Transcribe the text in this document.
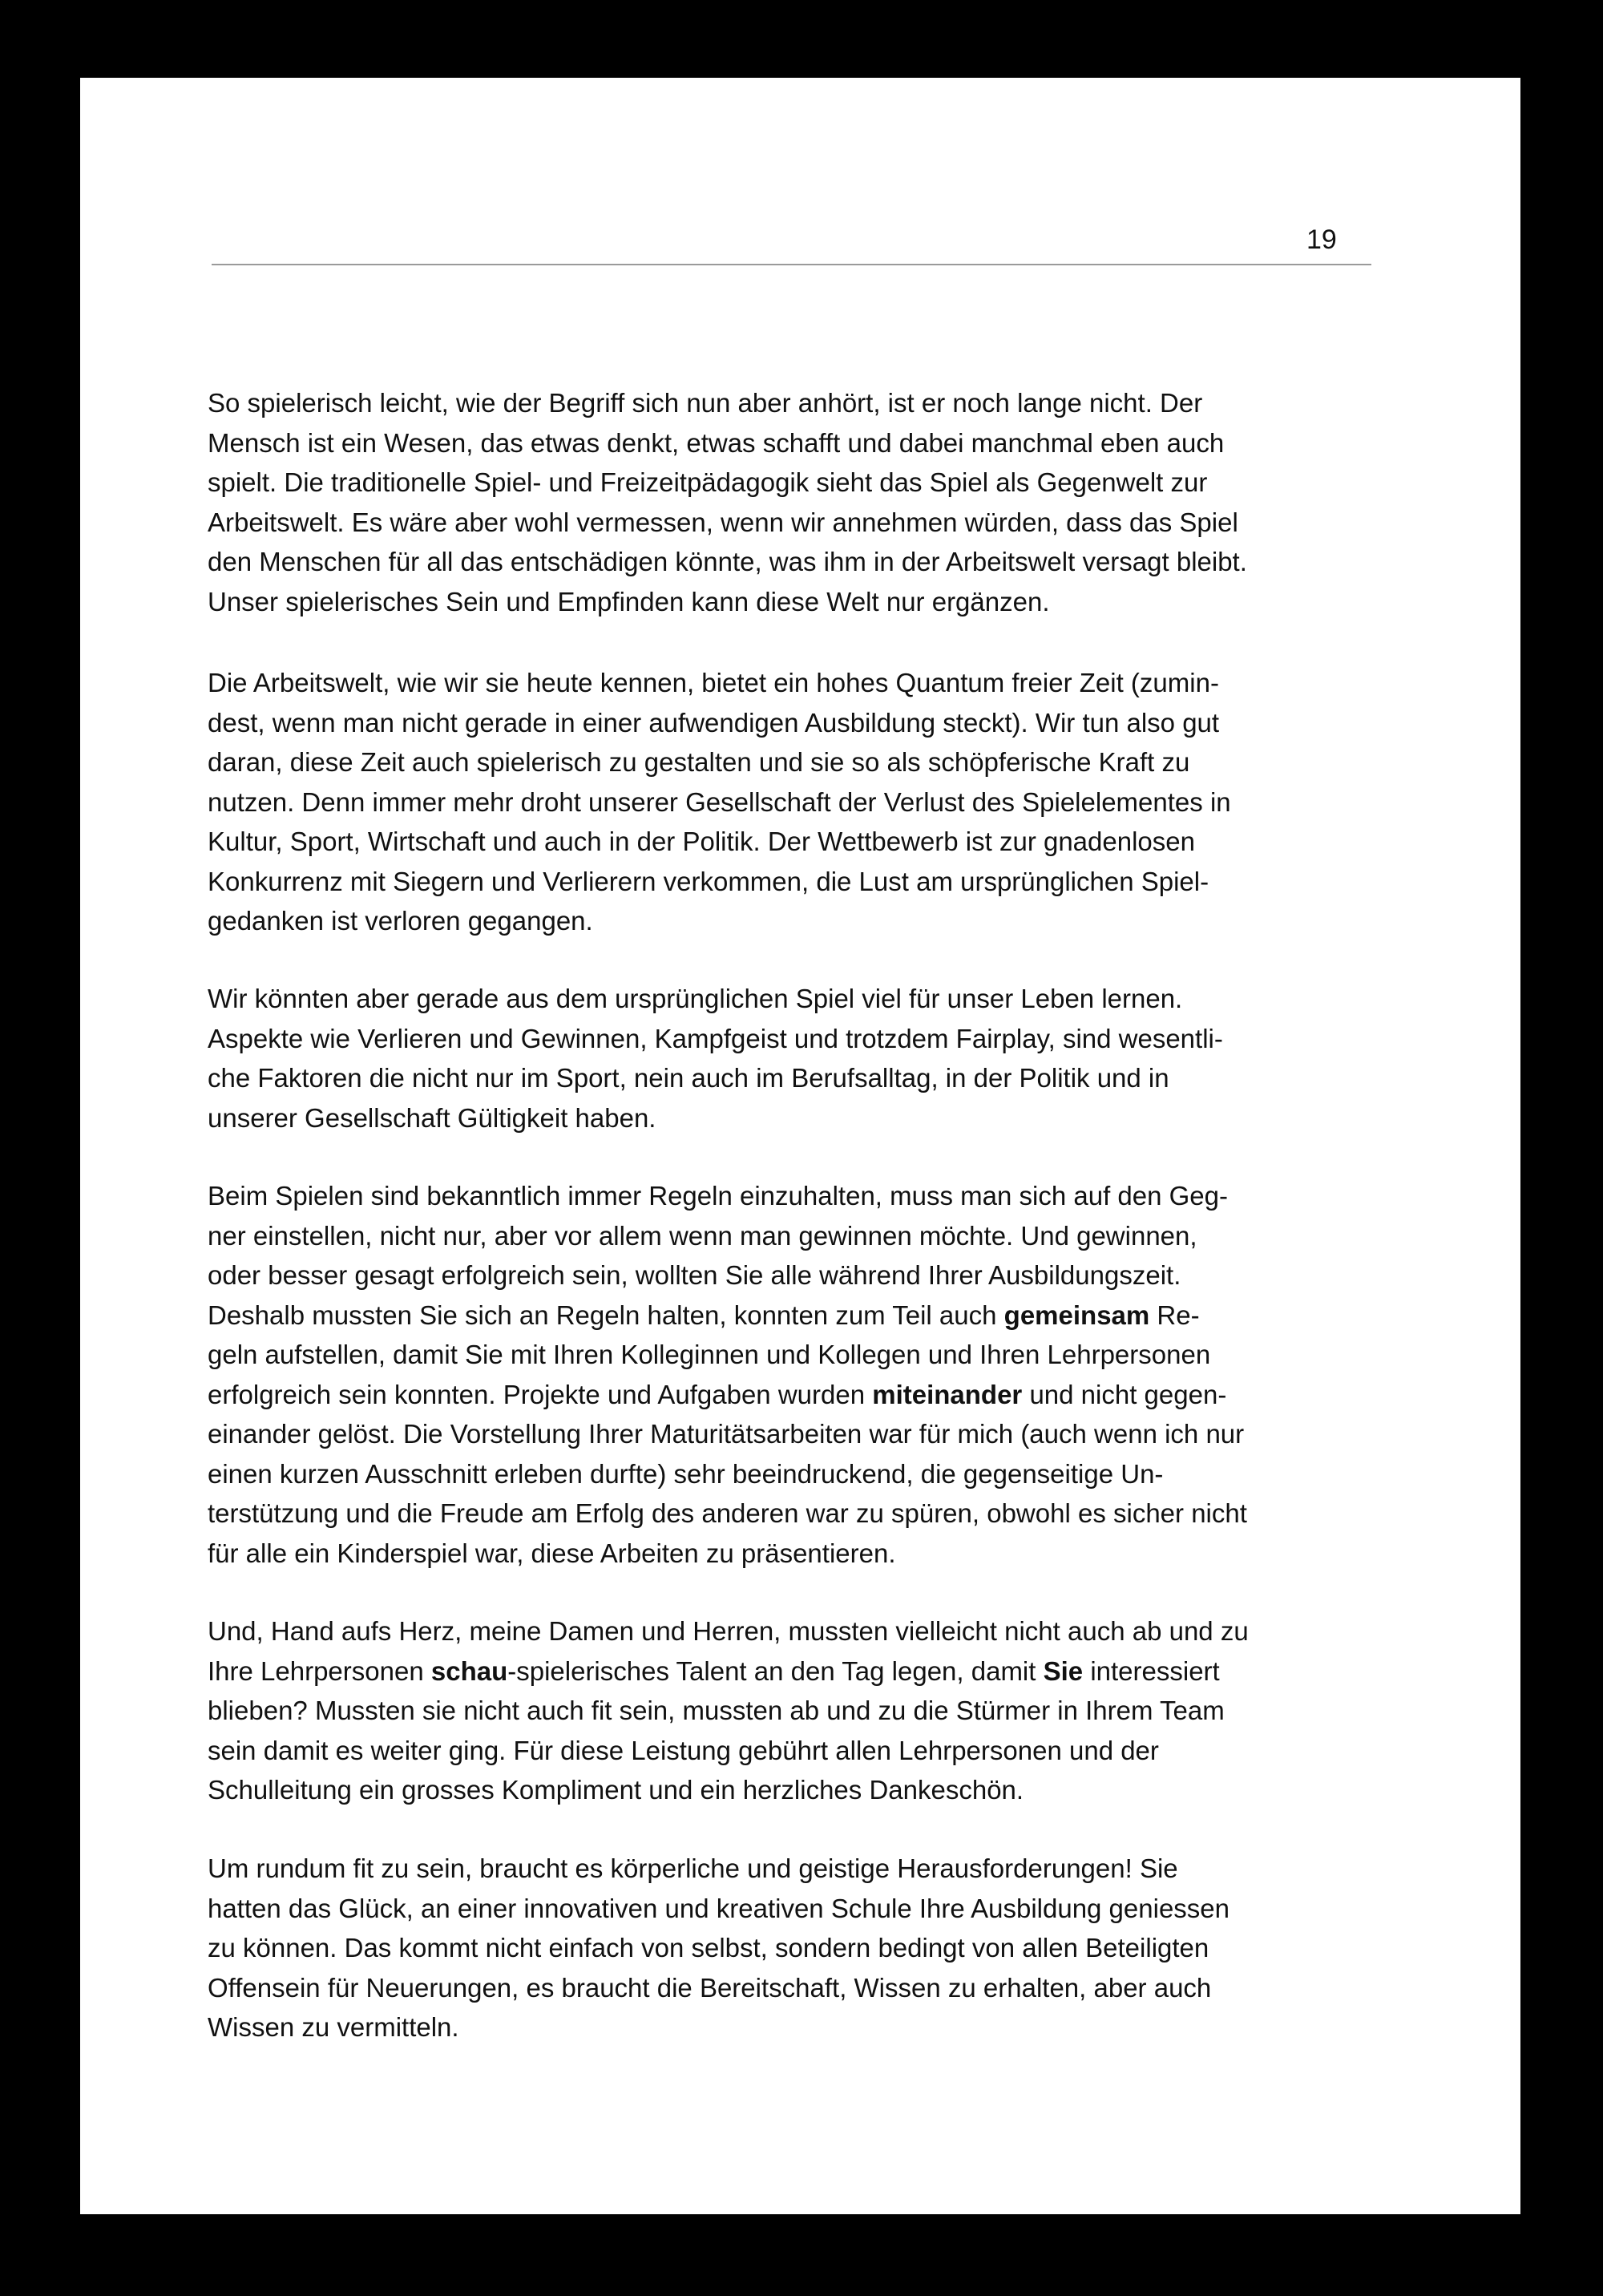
19

So spielerisch leicht, wie der Begriff sich nun aber anhört, ist er noch lange nicht. Der
Mensch ist ein Wesen, das etwas denkt, etwas schafft und dabei manchmal eben auch
spielt. Die traditionelle Spiel- und Freizeitpädagogik sieht das Spiel als Gegenwelt zur
Arbeitswelt. Es wäre aber wohl vermessen, wenn wir annehmen würden, dass das Spiel
den Menschen für all das entschädigen könnte, was ihm in der Arbeitswelt versagt bleibt.
Unser spielerisches Sein und Empfinden kann diese Welt nur ergänzen.

Die Arbeitswelt, wie wir sie heute kennen, bietet ein hohes Quantum freier Zeit (zumin-
dest, wenn man nicht gerade in einer aufwendigen Ausbildung steckt). Wir tun also gut
daran, diese Zeit auch spielerisch zu gestalten und sie so als schöpferische Kraft zu
nutzen. Denn immer mehr droht unserer Gesellschaft der Verlust des Spielelementes in
Kultur, Sport, Wirtschaft und auch in der Politik. Der Wettbewerb ist zur gnadenlosen
Konkurrenz mit Siegern und Verlierern verkommen, die Lust am ursprünglichen Spiel-
gedanken ist verloren gegangen.

Wir könnten aber gerade aus dem ursprünglichen Spiel viel für unser Leben lernen.
Aspekte wie Verlieren und Gewinnen, Kampfgeist und trotzdem Fairplay, sind wesentli-
che Faktoren die nicht nur im Sport, nein auch im Berufsalltag, in der Politik und in
unserer Gesellschaft Gültigkeit haben.

Beim Spielen sind bekanntlich immer Regeln einzuhalten, muss man sich auf den Geg-
ner einstellen, nicht nur, aber vor allem wenn man gewinnen möchte. Und gewinnen,
oder besser gesagt erfolgreich sein, wollten Sie alle während Ihrer Ausbildungszeit.
Deshalb mussten Sie sich an Regeln halten, konnten zum Teil auch gemeinsam Re-
geln aufstellen, damit Sie mit Ihren Kolleginnen und Kollegen und Ihren Lehrpersonen
erfolgreich sein konnten. Projekte und Aufgaben wurden miteinander und nicht gegen-
einander gelöst. Die Vorstellung Ihrer Maturitätsarbeiten war für mich (auch wenn ich nur
einen kurzen Ausschnitt erleben durfte) sehr beeindruckend, die gegenseitige Un-
terstützung und die Freude am Erfolg des anderen war zu spüren, obwohl es sicher nicht
für alle ein Kinderspiel war, diese Arbeiten zu präsentieren.

Und, Hand aufs Herz, meine Damen und Herren, mussten vielleicht nicht auch ab und zu
Ihre Lehrpersonen schau-spielerisches Talent an den Tag legen, damit Sie interessiert
blieben? Mussten sie nicht auch fit sein, mussten ab und zu die Stürmer in Ihrem Team
sein damit es weiter ging. Für diese Leistung gebührt allen Lehrpersonen und der
Schulleitung ein grosses Kompliment und ein herzliches Dankeschön.

Um rundum fit zu sein, braucht es körperliche und geistige Herausforderungen! Sie
hatten das Glück, an einer innovativen und kreativen Schule Ihre Ausbildung geniessen
zu können. Das kommt nicht einfach von selbst, sondern bedingt von allen Beteiligten
Offensein für Neuerungen, es braucht die Bereitschaft, Wissen zu erhalten, aber auch
Wissen zu vermitteln.
